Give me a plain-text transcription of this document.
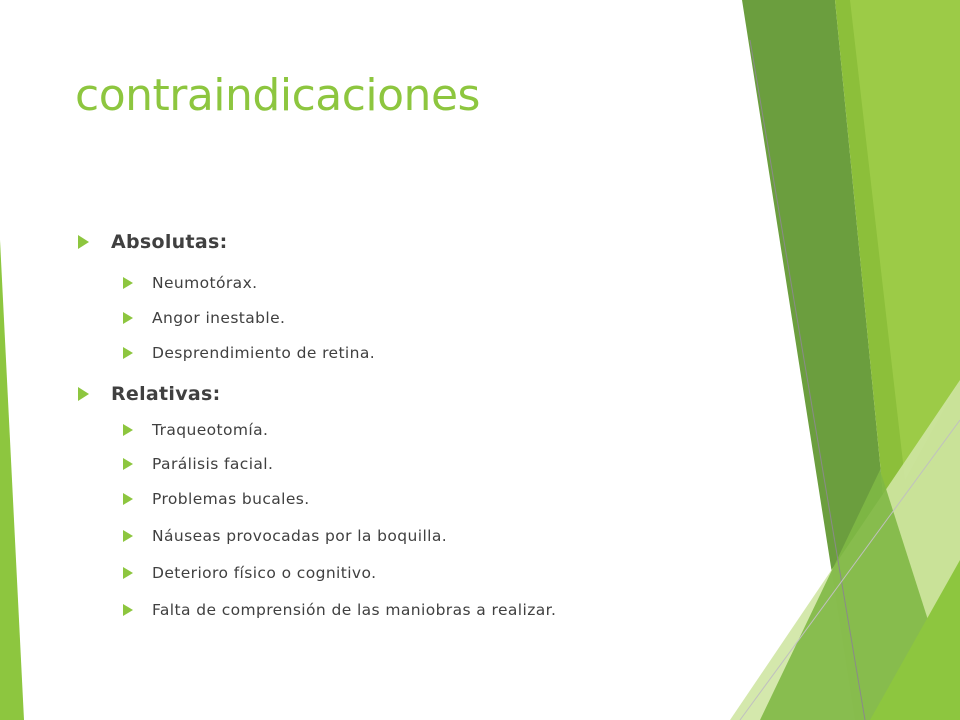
contraindicaciones
Absolutas:
Neumotórax.
Angor inestable.
Desprendimiento de retina.
Relativas:
Traqueotomía.
Parálisis facial.
Problemas bucales.
Náuseas provocadas por la boquilla.
Deterioro físico o cognitivo.
Falta de comprensión de las maniobras a realizar.
